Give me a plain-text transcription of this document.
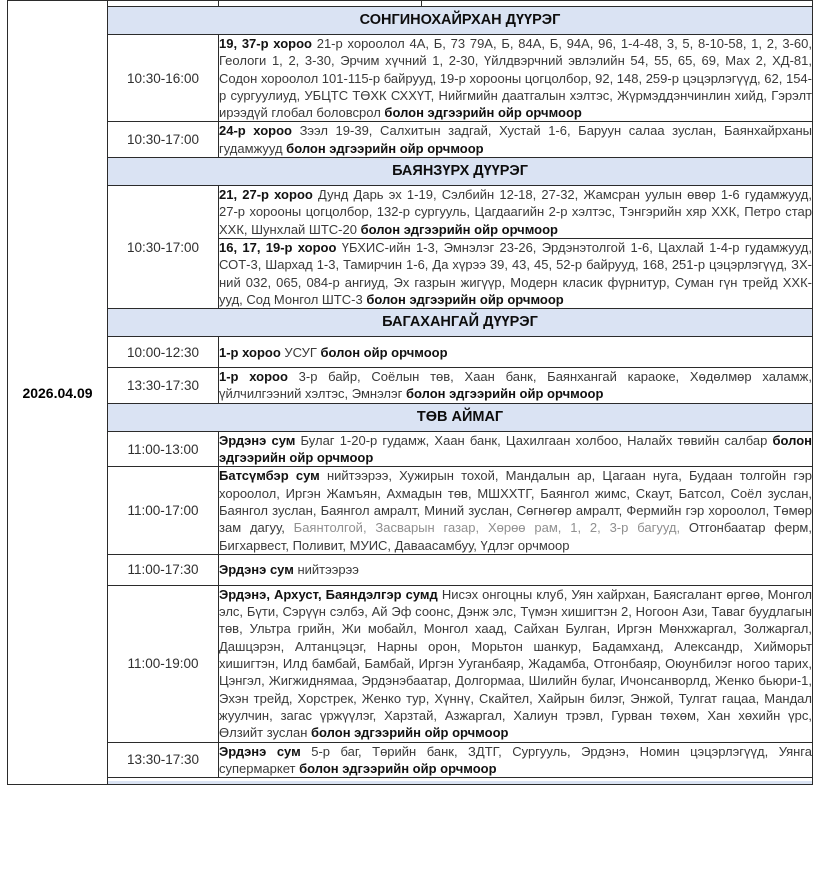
2026.04.09		

	СОНГИНОХАЙРХАН ДҮҮРЭГ	

	10:30-16:00	19, 37-р хороо 21-р хороолол 4А, Б, 73 79А, Б, 84А, Б, 94А, 96, 1-4-48, 3, 5, 8-10-58, 1, 2, 3-60, Геологи 1, 2, 3-30, Эрчим хүчний 1, 2-30, Үйлдвэрчний эвлэлийн 54, 55, 65, 69, Мах 2, ХД-81, Содон хороолол 101-115-р байрууд, 19-р хорооны цогцолбор, 92, 148, 259-р цэцэрлэгүүд, 62, 154-р сургуулиуд, УБЦТС ТӨХК СХХҮТ, Нийгмийн даатгалын хэлтэс, Жүрмэддэнчинлин хийд, Гэрэлт ирээдүй глобал боловсрол болон эдгээрийн ойр орчмоор
	10:30-17:00	24-р хороо Зээл 19-39, Салхитын задгай, Хустай 1-6, Баруун салаа зуслан, Баянхайрханы гудамжууд болон эдгээрийн ойр орчмоор

	БАЯНЗҮРХ ДҮҮРЭГ	

	10:30-17:00	21, 27-р хороо Дунд Дарь эх 1-19, Сэлбийн 12-18, 27-32, Жамсран уулын өвөр 1-6 гудамжууд, 27-р хорооны цогцолбор, 132-р сургууль, Цагдаагийн 2-р хэлтэс, Тэнгэрийн хяр ХХК, Петро стар ХХК, Шунхлай ШТС-20 болон эдгээрийн ойр орчмоор
		16, 17, 19-р хороо ҮБХИС-ийн 1-3, Эмнэлэг 23-26, Эрдэнэтолгой 1-6, Цахлай 1-4-р гудамжууд, СОТ-3, Шархад 1-3, Тамирчин 1-6, Да хүрээ 39, 43, 45, 52-р байрууд, 168, 251-р цэцэрлэгүүд, ЗХ-ний 032, 065, 084-р ангиуд, Эх газрын жигүүр, Модерн класик фүрнитур, Суман гүн трейд ХХК-ууд, Сод Монгол ШТС-3 болон эдгээрийн ойр орчмоор

	БАГАХАНГАЙ ДҮҮРЭГ	

	10:00-12:30	1-р хороо УСУГ болон ойр орчмоор
	13:30-17:30	1-р хороо 3-р байр, Соёлын төв, Хаан банк, Баянхангай караоке, Хөдөлмөр халамж, үйлчилгээний хэлтэс, Эмнэлэг болон эдгээрийн ойр орчмоор

	ТӨВ АЙМАГ	

	11:00-13:00	Эрдэнэ сум Булаг 1-20-р гудамж, Хаан банк, Цахилгаан холбоо, Налайх төвийн салбар болон эдгээрийн ойр орчмоор
	11:00-17:00	Батсүмбэр сум нийтээрээ, Хужирын тохой, Мандалын ар, Цагаан нуга, Будаан толгойн гэр хороолол, Иргэн Жамъян, Ахмадын төв, МШХХТГ, Баянгол жимс, Скаут, Батсол, Соёл зуслан, Баянгол зуслан, Баянгол амралт, Миний зуслан, Сөгнөгөр амралт, Фермийн гэр хороолол, Төмөр зам дагуу, Баянтолгой, Засварын газар, Хөрөө рам, 1, 2, 3-р багууд, Отгонбаатар ферм, Бигхарвест, Поливит, МУИС, Даваасамбуу, Үдлэг орчмоор
	11:00-17:30	Эрдэнэ сум нийтээрээ
	11:00-19:00	Эрдэнэ, Архуст, Баяндэлгэр сумд Нисэх онгоцны клуб, Уян хайрхан, Баясгалант өргөө, Монгол элс, Бүти, Сэрүүн сэлбэ, Ай Эф соонс, Дэнж элс, Түмэн хишигтэн 2, Ногоон Ази, Таваг буудлагын төв, Ультра грийн, Жи мобайл, Монгол хаад, Сайхан Булган, Иргэн Мөнхжаргал, Золжаргал, Дашцэрэн, Алтанцэцэг, Нарны орон, Морьтон шанкур, Бадамханд, Александр, Хийморьт хишигтэн, Илд бамбай, Бамбай, Иргэн Ууганбаяр, Жадамба, Отгонбаяр, Оюунбилэг ногоо тарих, Цэнгэл, Жигжиднямаа, Эрдэнэбаатар, Долгормаа, Шилийн булаг, Ичонсанворлд, Женко бьюри-1, Эхэн трейд, Хорстрек, Женко тур, Хүннү, Скайтел, Хайрын билэг, Энжой, Тулгат гацаа, Мандал жуулчин, загас үржүүлэг, Харзтай, Азжаргал, Халиун трэвл, Гурван төхөм, Хан хөхийн үрс, Өлзийт зуслан болон эдгээрийн ойр орчмоор
	13:30-17:30	Эрдэнэ сум 5-р баг, Төрийн банк, ЗДТГ, Сургууль, Эрдэнэ, Номин цэцэрлэгүүд, Уянга супермаркет болон эдгээрийн ойр орчмоор
